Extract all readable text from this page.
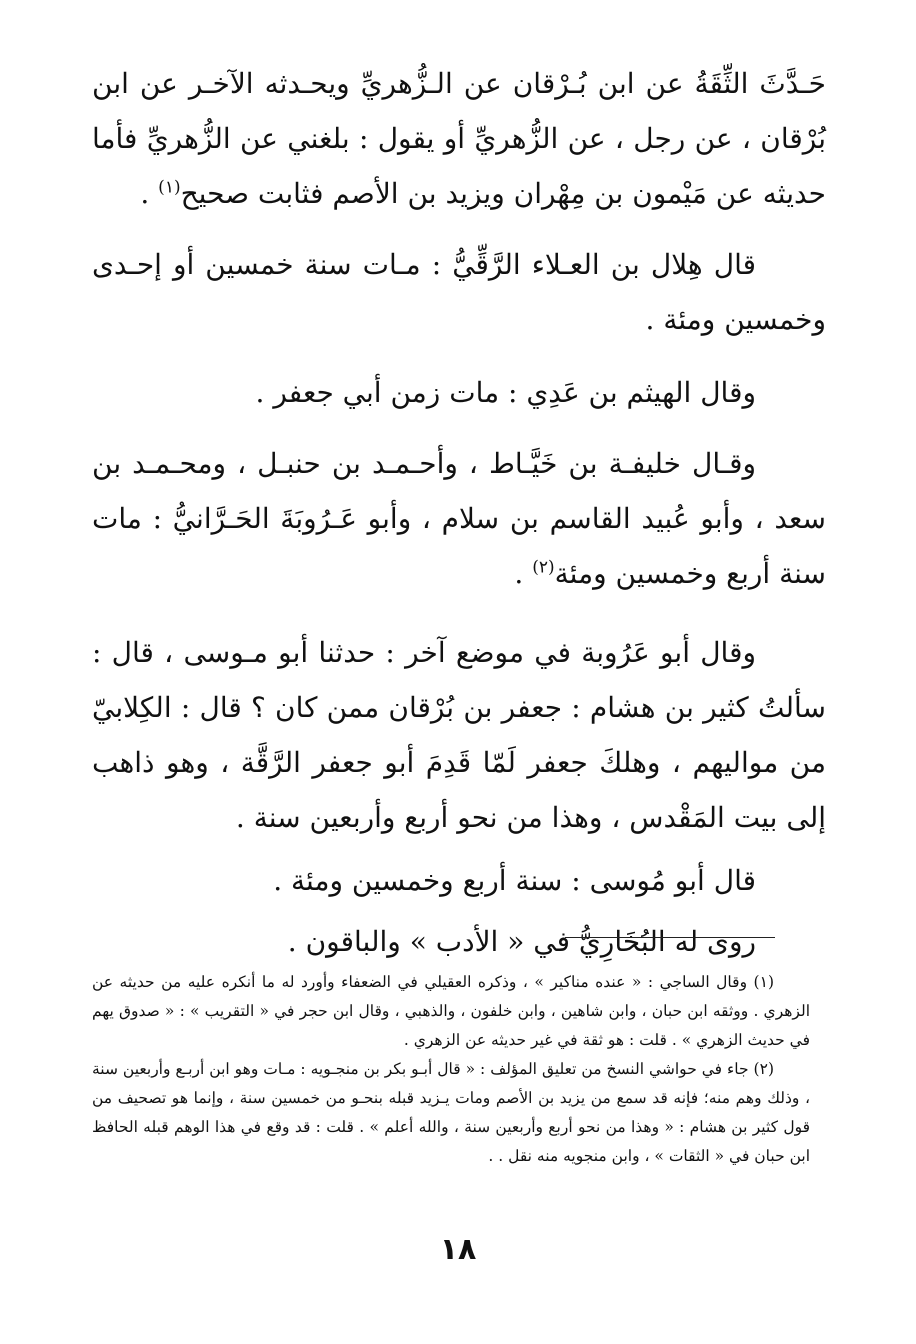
حَـدَّثَ الثِّقَةُ عن ابن بُـرْقان عن الـزُّهريِّ ويحـدثه الآخـر عن ابن بُرْقان ، عن رجل ، عن الزُّهريِّ أو يقول : بلغني عن الزُّهريِّ فأما حديثه عن مَيْمون بن مِهْران ويزيد بن الأصم فثابت صحيح$^{(١)}$ .

قال هِلال بن العـلاء الرَّقِّيُّ : مـات سنة خمسين أو إحـدى وخمسين ومئة .

وقال الهيثم بن عَدِي : مات زمن أبي جعفر .

وقـال خليفـة بن خَيَّـاط ، وأحـمـد بن حنبـل ، ومحـمـد بن سعد ، وأبو عُبيد القاسم بن سلام ، وأبو عَـرُوبَةَ الحَـرَّانيُّ : مات سنة أربع وخمسين ومئة$^{(٢)}$ .

وقال أبو عَرُوبة في موضع آخر : حدثنا أبو مـوسى ، قال : سألتُ كثير بن هشام : جعفر بن بُرْقان ممن كان ؟ قال : الكِلابيّ من مواليهم ، وهلكَ جعفر لَمّا قَدِمَ أبو جعفر الرَّقَّة ، وهو ذاهب إلى بيت المَقْدس ، وهذا من نحو أربع وأربعين سنة .

قال أبو مُوسى : سنة أربع وخمسين ومئة .

روى له البُخَارِيُّ في « الأدب » والباقون .

(١) وقال الساجي : « عنده مناكير » ، وذكره العقيلي في الضعفاء وأورد له ما أنكره عليه من حديثه عن الزهري . ووثقه ابن حبان ، وابن شاهين ، وابن خلفون ، والذهبي ، وقال ابن حجر في « التقريب » : « صدوق يهم في حديث الزهري » . قلت : هو ثقة في غير حديثه عن الزهري .

(٢) جاء في حواشي النسخ من تعليق المؤلف : « قال أبـو بكر بن منجـويه : مـات وهو ابن أربـع وأربعين سنة ، وذلك وهم منه؛ فإنه قد سمع من يزيد بن الأصم ومات يـزيد قبله بنحـو من خمسين سنة ، وإنما هو تصحيف من قول كثير بن هشام : « وهذا من نحو أربع وأربعين سنة ، والله أعلم » . قلت : قد وقع في هذا الوهم قبله الحافظ ابن حبان في « الثقات » ، وابن منجويه منه نقل . .

١٨
